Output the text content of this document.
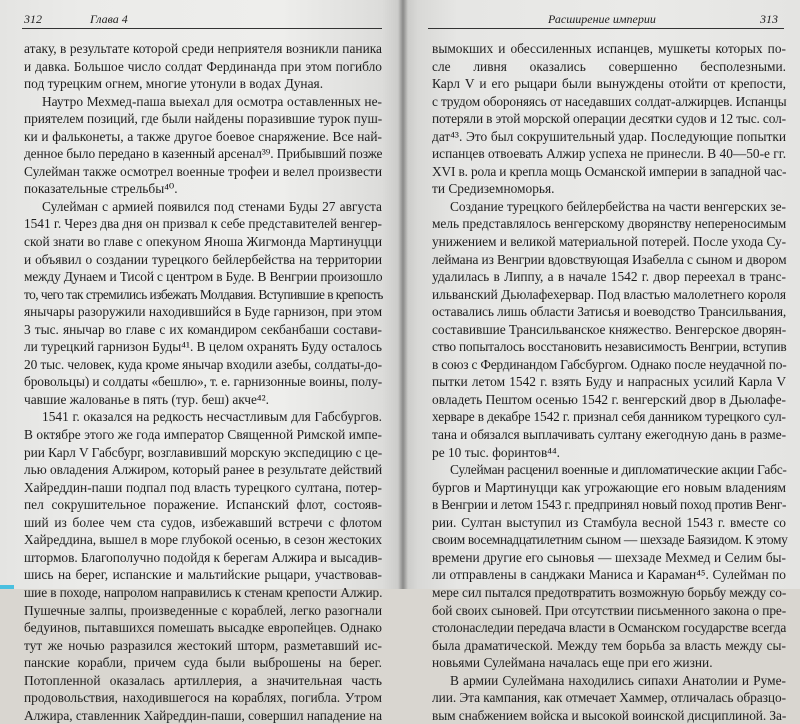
312	Глава 4
атаку, в результате которой среди неприятеля возникли паника
и давка. Большое число солдат Фердинанда при этом погибло
под турецким огнем, многие утонули в водах Дуная.
Наутро Мехмед-паша выехал для осмотра оставленных не-
приятелем позиций, где были найдены поразившие турок пуш-
ки и фальконеты, а также другое боевое снаряжение. Все най-
денное было передано в казенный арсенал³⁹. Прибывший позже
Сулейман также осмотрел военные трофеи и велел произвести
показательные стрельбы⁴⁰.
Сулейман с армией появился под стенами Буды 27 августа
1541 г. Через два дня он призвал к себе представителей венгер-
ской знати во главе с опекуном Яноша Жигмонда Мартинуцци
и объявил о создании турецкого бейлербейства на территории
между Дунаем и Тисой с центром в Буде. В Венгрии произошло
то, чего так стремились избежать Молдавия. Вступившие в крепость
янычары разоружили находившийся в Буде гарнизон, при этом
3 тыс. янычар во главе с их командиром секбанбаши состави-
ли турецкий гарнизон Буды⁴¹. В целом охранять Буду осталось
20 тыс. человек, куда кроме янычар входили азебы, солдаты-до-
бровольцы) и солдаты «бешлю», т. е. гарнизонные воины, полу-
чавшие жалованье в пять (тур. беш) акче⁴².
1541 г. оказался на редкость несчастливым для Габсбургов.
В октябре этого же года император Священной Римской импе-
рии Карл V Габсбург, возглавивший морскую экспедицию с це-
лью овладения Алжиром, который ранее в результате действий
Хайреддин-паши подпал под власть турецкого султана, потер-
пел сокрушительное поражение. Испанский флот, состояв-
ший из более чем ста судов, избежавший встречи с флотом
Хайреддина, вышел в море глубокой осенью, в сезон жестоких
штормов. Благополучно подойдя к берегам Алжира и высадив-
шись на берег, испанские и мальтийские рыцари, участвовав-
шие в походе, напролом направились к стенам крепости Алжир.
Пушечные залпы, произведенные с кораблей, легко разогнали
бедуинов, пытавшихся помешать высадке европейцев. Однако
тут же ночью разразился жестокий шторм, разметавший ис-
панские корабли, причем суда были выброшены на берег.
Потопленной оказалась артиллерия, а значительная часть
продовольствия, находившегося на кораблях, погибла. Утром
Алжира, ставленник Хайреддин-паши, совершил нападение на
Расширение империи	313
вымокших и обессиленных испанцев, мушкеты которых по-
сле ливня оказались совершенно бесполезными.
Карл V и его рыцари были вынуждены отойти от крепости,
с трудом обороняясь от наседавших солдат-алжирцев. Испанцы
потеряли в этой морской операции десятки судов и 12 тыс. сол-
дат⁴³. Это был сокрушительный удар. Последующие попытки
испанцев отвоевать Алжир успеха не принесли. В 40—50-е гг.
XVI в. рола и крепла мощь Османской империи в западной час-
ти Средиземноморья.
Создание турецкого бейлербейства на части венгерских зе-
мель представлялось венгерскому дворянству непереносимым
унижением и великой материальной потерей. После ухода Су-
леймана из Венгрии вдовствующая Изабелла с сыном и двором
удалилась в Липпу, а в начале 1542 г. двор переехал в транс-
ильванский Дьюлафехервар. Под властью малолетнего короля
оставались лишь области Затисья и воеводство Трансильвания,
составившие Трансильванское княжество. Венгерское дворян-
ство попыталось восстановить независимость Венгрии, вступив
в союз с Фердинандом Габсбургом. Однако после неудачной по-
пытки летом 1542 г. взять Буду и напрасных усилий Карла V
овладеть Пештом осенью 1542 г. венгерский двор в Дьюлафе-
херваре в декабре 1542 г. признал себя данником турецкого сул-
тана и обязался выплачивать султану ежегодную дань в разме-
ре 10 тыс. форинтов⁴⁴.
Сулейман расценил военные и дипломатические акции Габс-
бургов и Мартинуцци как угрожающие его новым владениям
в Венгрии и летом 1543 г. предпринял новый поход против Венг-
рии. Султан выступил из Стамбула весной 1543 г. вместе со
своим восемнадцатилетним сыном — шехзаде Баязидом. К этому
времени другие его сыновья — шехзаде Мехмед и Селим бы-
ли отправлены в санджаки Маниса и Караман⁴⁵. Сулейман по
мере сил пытался предотвратить возможную борьбу между со-
бой своих сыновей. При отсутствии письменного закона о пре-
столонаследии передача власти в Османском государстве всегда
была драматической. Между тем борьба за власть между сы-
новьями Сулеймана началась еще при его жизни.
В армии Сулеймана находились сипахи Анатолии и Руме-
лии. Эта кампания, как отмечает Хаммер, отличалась образцо-
вым снабжением войска и высокой воинской дисциплиной. За-
